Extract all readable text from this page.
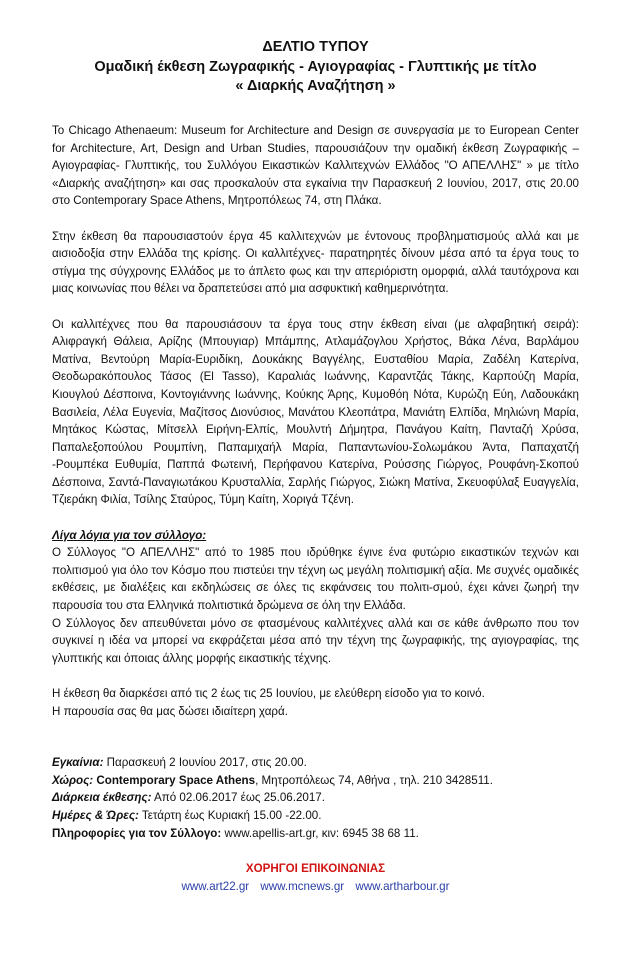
ΔΕΛΤΙΟ ΤΥΠΟΥ
Ομαδική έκθεση Ζωγραφικής - Αγιογραφίας - Γλυπτικής με τίτλο
« Διαρκής Αναζήτηση »

To Chicago Athenaeum: Museum for Architecture and Design σε συνεργασία με το European Center for Architecture, Art, Design and Urban Studies, παρουσιάζουν την ομαδική έκθεση Ζωγραφικής – Αγιογραφίας- Γλυπτικής, του Συλλόγου Εικαστικών Καλλιτεχνών Ελλάδος "Ο ΑΠΕΛΛΗΣ" » με τίτλο «Διαρκής αναζήτηση» και σας προσκαλούν στα εγκαίνια την Παρασκευή 2 Ιουνίου, 2017, στις 20.00 στο Contemporary Space Athens, Μητροπόλεως 74, στη Πλάκα.

Στην έκθεση θα παρουσιαστούν έργα 45 καλλιτεχνών με έντονους προβληματισμούς αλλά και με αισιοδοξία στην Ελλάδα της κρίσης. Οι καλλιτέχνες- παρατηρητές δίνουν μέσα από τα έργα τους το στίγμα της σύγχρονης Ελλάδος με το άπλετο φως και την απεριόριστη ομορφιά, αλλά ταυτόχρονα και μιας κοινωνίας που θέλει να δραπετεύσει από μια ασφυκτική καθημερινότητα.

Οι καλλιτέχνες που θα παρουσιάσουν τα έργα τους στην έκθεση είναι (με αλφαβητική σειρά): Αλιφραγκή Θάλεια, Αρίζης (Μπουγιαρ) Μπάμπης, Ατλαμάζογλου Χρήστος, Βάκα Λένα, Βαρλάμου Ματίνα, Βεντούρη Μαρία-Ευριδίκη, Δουκάκης Βαγγέλης, Ευσταθίου Μαρία, Ζαδέλη Κατερίνα, Θεοδωρακόπουλος Τάσος (El Tasso), Καραλιάς Ιωάννης, Καραντζάς Τάκης, Καρπούζη Μαρία, Κιουγλού Δέσποινα, Κοντογιάννης Ιωάννης, Κούκης Άρης, Κυμοθόη Νότα, Κυρώζη Εύη, Λαδουκάκη Βασιλεία, Λέλα Ευγενία, Μαζίτσος Διονύσιος, Μανάτου Κλεοπάτρα, Μανιάτη Ελπίδα, Μηλιώνη Μαρία, Μητάκος Κώστας, Μίτσελλ Ειρήνη-Ελπίς, Μουλντή Δήμητρα, Πανάγου Καίτη, Πανταζή Χρύσα, Παπαλεξοπούλου Ρουμπίνη, Παπαμιχαήλ Μαρία, Παπαντωνίου-Σολωμάκου Άντα, Παπαχατζή -Ρουμπέκα Ευθυμία, Παππά Φωτεινή, Περήφανου Κατερίνα, Ρούσσης Γιώργος, Ρουφάνη-Σκοπού Δέσποινα, Σαντά-Παναγιωτάκου Κρυσταλλία, Σαρλής Γιώργος, Σιώκη Ματίνα, Σκευοφύλαξ Ευαγγελία, Τζιεράκη Φιλία, Τσίλης Σταύρος, Τύμη Καίτη, Χοριγά Τζένη.

Λίγα λόγια για τον σύλλογο:

Ο Σύλλογος "Ο ΑΠΕΛΛΗΣ" από το 1985 που ιδρύθηκε έγινε ένα φυτώριο εικαστικών τεχνών και πολιτισμού για όλο τον Κόσμο που πιστεύει την τέχνη ως μεγάλη πολιτισμική αξία. Με συχνές ομαδικές εκθέσεις, με διαλέξεις και εκδηλώσεις σε όλες τις εκφάνσεις του πολιτι-σμού, έχει κάνει ζωηρή την παρουσία του στα Ελληνικά πολιτιστικά δρώμενα σε όλη την Ελλάδα.

Ο Σύλλογος δεν απευθύνεται μόνο σε φτασμένους καλλιτέχνες αλλά και σε κάθε άνθρωπο που τον συγκινεί η ιδέα να μπορεί να εκφράζεται μέσα από την τέχνη της ζωγραφικής, της αγιογραφίας, της γλυπτικής και όποιας άλλης μορφής εικαστικής τέχνης.

Η έκθεση θα διαρκέσει από τις 2 έως τις 25 Ιουνίου, με ελεύθερη είσοδο για το κοινό.

Η παρουσία σας θα μας δώσει ιδιαίτερη χαρά.

Εγκαίνια: Παρασκευή 2 Ιουνίου 2017, στις 20.00.
Χώρος: Contemporary Space Athens, Μητροπόλεως 74, Αθήνα , τηλ. 210 3428511.
Διάρκεια έκθεσης: Από 02.06.2017 έως 25.06.2017.
Ημέρες & Ώρες: Τετάρτη έως Κυριακή 15.00 -22.00.
Πληροφορίες για τον Σύλλογο: www.apellis-art.gr, κιν: 6945 38 68 11.
ΧΟΡΗΓΟΙ ΕΠΙΚΟΙΝΩΝΙΑΣ
www.art22.gr www.mcnews.gr www.artharbour.gr
